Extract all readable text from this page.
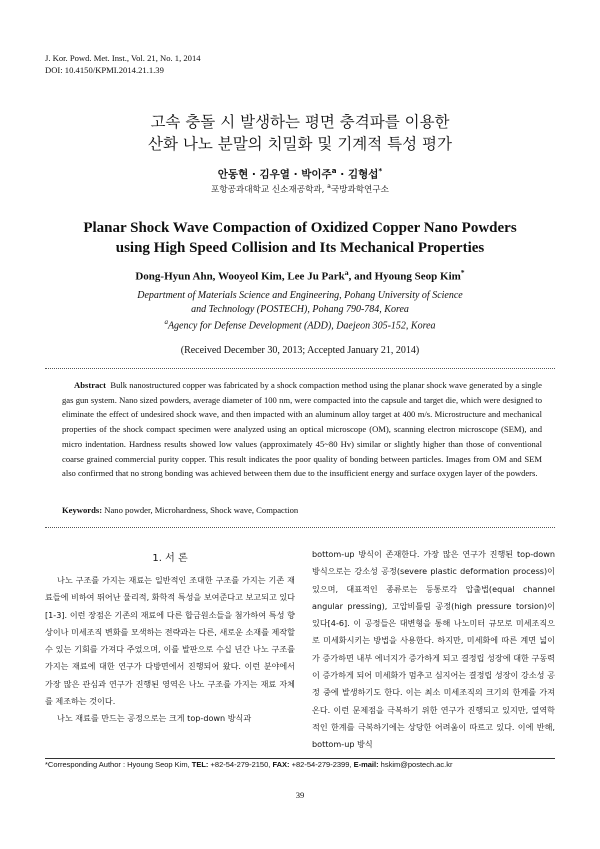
J. Kor. Powd. Met. Inst., Vol. 21, No. 1, 2014
DOI: 10.4150/KPMI.2014.21.1.39
고속 충돌 시 발생하는 평면 충격파를 이용한
산화 나노 분말의 치밀화 및 기계적 특성 평가
안동현 · 김우열 · 박이주$^a$ · 김형섭*
포항공과대학교 신소재공학과, $^a$국방과학연구소
Planar Shock Wave Compaction of Oxidized Copper Nano Powders
using High Speed Collision and Its Mechanical Properties
Dong-Hyun Ahn, Wooyeol Kim, Lee Ju Park$^a$, and Hyoung Seop Kim*
Department of Materials Science and Engineering, Pohang University of Science
and Technology (POSTECH), Pohang 790-784, Korea
$^a$Agency for Defense Development (ADD), Daejeon 305-152, Korea
(Received December 30, 2013; Accepted January 21, 2014)
Abstract Bulk nanostructured copper was fabricated by a shock compaction method using the planar shock wave generated by a single gas gun system. Nano sized powders, average diameter of 100 nm, were compacted into the capsule and target die, which were designed to eliminate the effect of undesired shock wave, and then impacted with an aluminum alloy target at 400 m/s. Microstructure and mechanical properties of the shock compact specimen were analyzed using an optical microscope (OM), scanning electron microscope (SEM), and micro indentation. Hardness results showed low values (approximately 45~80 Hv) similar or slightly higher than those of conventional coarse grained commercial purity copper. This result indicates the poor quality of bonding between particles. Images from OM and SEM also confirmed that no strong bonding was achieved between them due to the insufficient energy and surface oxygen layer of the powders.
Keywords: Nano powder, Microhardness, Shock wave, Compaction
1. 서 론

나노 구조를 가지는 재료는 일반적인 조대한 구조를 가지는 기존 재료들에 비하여 뛰어난 물리적, 화학적 특성을 보여준다고 보고되고 있다[1-3]. 이런 장점은 기존의 재료에 다른 합금원소들을 첨가하여 특성 향상이나 미세조직 변화를 모색하는 전략과는 다른, 새로운 소재를 제작할 수 있는 기회를 가져다 주었으며, 이를 발판으로 수십 년간 나노 구조를 가지는 재료에 대한 연구가 다방면에서 진행되어 왔다. 이런 분야에서 가장 많은 관심과 연구가 진행된 영역은 나노 구조를 가지는 재료 자체를 제조하는 것이다.

나노 재료를 만드는 공정으로는 크게 top-down 방식과

bottom-up 방식이 존재한다. 가장 많은 연구가 진행된 top-down 방식으로는 강소성 공정(severe plastic deformation process)이 있으며, 대표적인 종류로는 등통로각 압출법(equal channel angular pressing), 고압비틀림 공정(high pressure torsion)이 있다[4-6]. 이 공정들은 대변형을 통해 나노미터 규모로 미세조직으로 미세화시키는 방법을 사용한다. 하지만, 미세화에 따른 계면 넓이가 증가하면 내부 에너지가 증가하게 되고 결정립 성장에 대한 구동력이 증가하게 되어 미세화가 멈추고 심지어는 결정립 성장이 강소성 공정 중에 발생하기도 한다. 이는 최소 미세조직의 크기의 한계를 가져온다. 이런 문제점을 극복하기 위한 연구가 진행되고 있지만, 열역학적인 한계를 극복하기에는 상당한 어려움이 따르고 있다. 이에 반해, bottom-up 방식

*Corresponding Author : Hyoung Seop Kim, TEL: +82-54-279-2150, FAX: +82-54-279-2399, E-mail: hskim@postech.ac.kr
39
